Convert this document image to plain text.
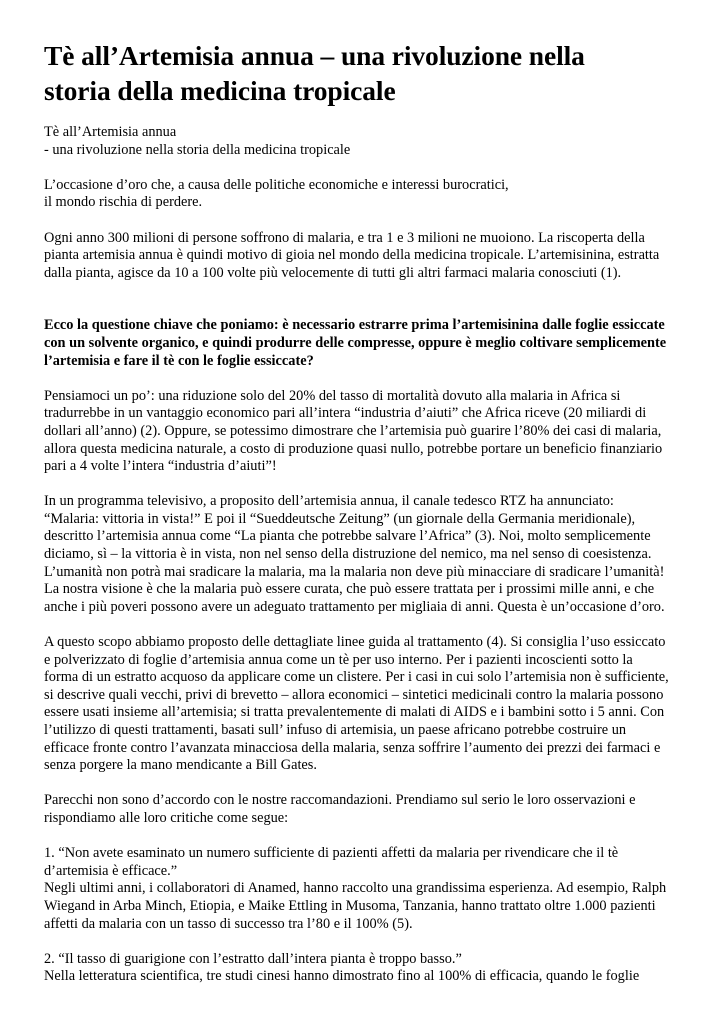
Tè all’Artemisia annua – una rivoluzione nella
storia della medicina tropicale
Tè all’Artemisia annua
- una rivoluzione nella storia della medicina tropicale
L’occasione d’oro che, a causa delle politiche economiche e interessi burocratici,
il mondo rischia di perdere.
Ogni anno 300 milioni di persone soffrono di malaria, e tra 1 e 3 milioni ne muoiono. La riscoperta della
pianta artemisia annua è quindi motivo di gioia nel mondo della medicina tropicale. L’artemisinina, estratta
dalla pianta, agisce da 10 a 100 volte più velocemente di tutti gli altri farmaci malaria conosciuti (1).
Ecco la questione chiave che poniamo: è necessario estrarre prima l’artemisinina dalle foglie essiccate
con un solvente organico, e quindi produrre delle compresse, oppure è meglio coltivare semplicemente
l’artemisia e fare il tè con le foglie essiccate?
Pensiamoci un po’: una riduzione solo del 20% del tasso di mortalità dovuto alla malaria in Africa si
tradurrebbe in un vantaggio economico pari all’intera “industria d’aiuti” che Africa riceve (20 miliardi di
dollari all’anno) (2). Oppure, se potessimo dimostrare che l’artemisia può guarire l’80% dei casi di malaria,
allora questa medicina naturale, a costo di produzione quasi nullo, potrebbe portare un beneficio finanziario
pari a 4 volte l’intera “industria d’aiuti”!
In un programma televisivo, a proposito dell’artemisia annua, il canale tedesco RTZ ha annunciato:
“Malaria: vittoria in vista!” E poi il “Sueddeutsche Zeitung” (un giornale della Germania meridionale),
descritto l’artemisia annua come “La pianta che potrebbe salvare l’Africa” (3). Noi, molto semplicemente
diciamo, sì – la vittoria è in vista, non nel senso della distruzione del nemico, ma nel senso di coesistenza.
L’umanità non potrà mai sradicare la malaria, ma la malaria non deve più minacciare di sradicare l’umanità!
La nostra visione è che la malaria può essere curata, che può essere trattata per i prossimi mille anni, e che
anche i più poveri possono avere un adeguato trattamento per migliaia di anni. Questa è un’occasione d’oro.
A questo scopo abbiamo proposto delle dettagliate linee guida al trattamento (4). Si consiglia l’uso essiccato
e polverizzato di foglie d’artemisia annua come un tè per uso interno. Per i pazienti incoscienti sotto la
forma di un estratto acquoso da applicare come un clistere. Per i casi in cui solo l’artemisia non è sufficiente,
si descrive quali vecchi, privi di brevetto – allora economici – sintetici medicinali contro la malaria possono
essere usati insieme all’artemisia; si tratta prevalentemente di malati di AIDS e i bambini sotto i 5 anni. Con
l’utilizzo di questi trattamenti, basati sull’ infuso di artemisia, un paese africano potrebbe costruire un
efficace fronte contro l’avanzata minacciosa della malaria, senza soffrire l’aumento dei prezzi dei farmaci e
senza porgere la mano mendicante a Bill Gates.
Parecchi non sono d’accordo con le nostre raccomandazioni. Prendiamo sul serio le loro osservazioni e
rispondiamo alle loro critiche come segue:
1. “Non avete esaminato un numero sufficiente di pazienti affetti da malaria per rivendicare che il tè
d’artemisia è efficace.”
Negli ultimi anni, i collaboratori di Anamed, hanno raccolto una grandissima esperienza. Ad esempio, Ralph
Wiegand in Arba Minch, Etiopia, e Maike Ettling in Musoma, Tanzania, hanno trattato oltre 1.000 pazienti
affetti da malaria con un tasso di successo tra l’80 e il 100% (5).
2. “Il tasso di guarigione con l’estratto dall’intera pianta è troppo basso.”
Nella letteratura scientifica, tre studi cinesi hanno dimostrato fino al 100% di efficacia, quando le foglie
